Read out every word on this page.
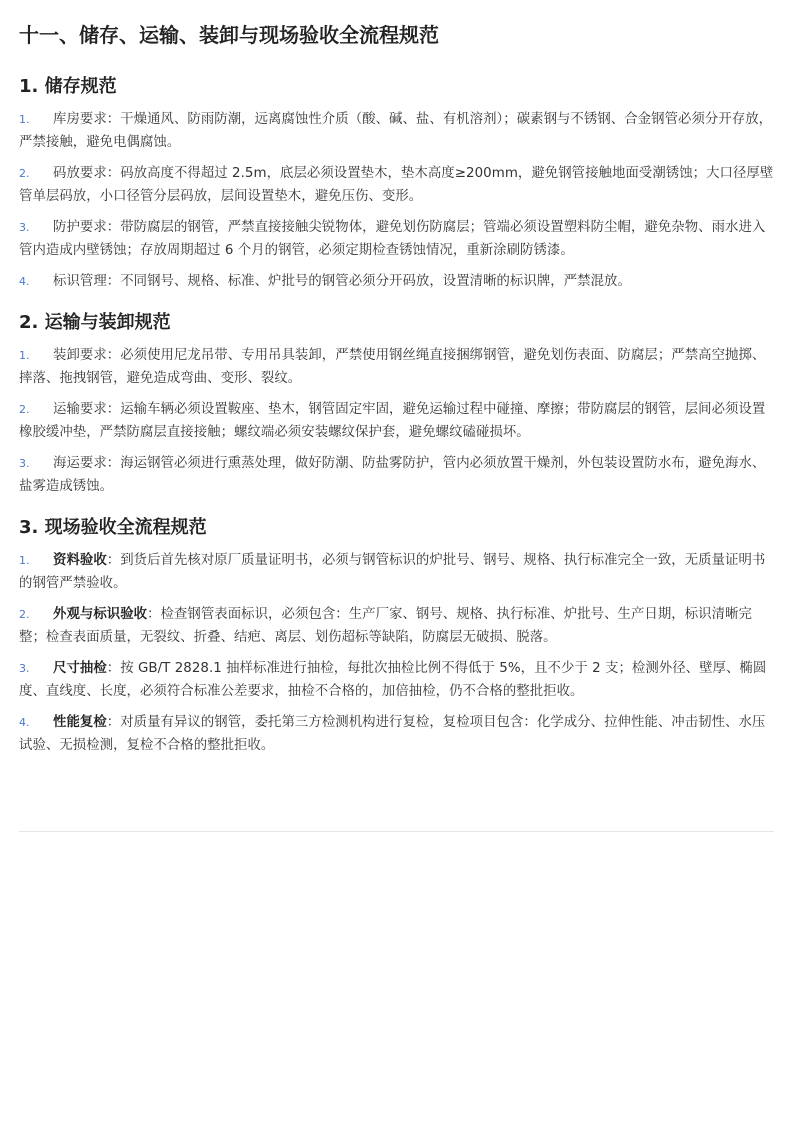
十一、储存、运输、装卸与现场验收全流程规范
1. 储存规范
1. 库房要求：干燥通风、防雨防潮，远离腐蚀性介质（酸、碱、盐、有机溶剂）；碳素钢与不锈钢、合金钢管必须分开存放，严禁接触，避免电偶腐蚀。
2. 码放要求：码放高度不得超过 2.5m，底层必须设置垫木，垫木高度≥200mm，避免钢管接触地面受潮锈蚀；大口径厚壁管单层码放，小口径管分层码放，层间设置垫木，避免压伤、变形。
3. 防护要求：带防腐层的钢管，严禁直接接触尖锐物体，避免划伤防腐层；管端必须设置塑料防尘帽，避免杂物、雨水进入管内造成内壁锈蚀；存放周期超过 6 个月的钢管，必须定期检查锈蚀情况，重新涂刷防锈漆。
4. 标识管理：不同钢号、规格、标准、炉批号的钢管必须分开码放，设置清晰的标识牌，严禁混放。
2. 运输与装卸规范
1. 装卸要求：必须使用尼龙吊带、专用吊具装卸，严禁使用钢丝绳直接捆绑钢管，避免划伤表面、防腐层；严禁高空抛掷、摔落、拖拽钢管，避免造成弯曲、变形、裂纹。
2. 运输要求：运输车辆必须设置鞍座、垫木，钢管固定牢固，避免运输过程中碰撞、摩擦；带防腐层的钢管，层间必须设置橡胶缓冲垫，严禁防腐层直接接触；螺纹端必须安装螺纹保护套，避免螺纹磕碰损坏。
3. 海运要求：海运钢管必须进行熏蒸处理，做好防潮、防盐雾防护，管内必须放置干燥剂，外包装设置防水布，避免海水、盐雾造成锈蚀。
3. 现场验收全流程规范
1. 资料验收：到货后首先核对原厂质量证明书，必须与钢管标识的炉批号、钢号、规格、执行标准完全一致，无质量证明书的钢管严禁验收。
2. 外观与标识验收：检查钢管表面标识，必须包含：生产厂家、钢号、规格、执行标准、炉批号、生产日期，标识清晰完整；检查表面质量，无裂纹、折叠、结疤、离层、划伤超标等缺陷，防腐层无破损、脱落。
3. 尺寸抽检：按 GB/T 2828.1 抽样标准进行抽检，每批次抽检比例不得低于 5%，且不少于 2 支；检测外径、壁厚、椭圆度、直线度、长度，必须符合标准公差要求，抽检不合格的，加倍抽检，仍不合格的整批拒收。
4. 性能复检：对质量有异议的钢管，委托第三方检测机构进行复检，复检项目包含：化学成分、拉伸性能、冲击韧性、水压试验、无损检测，复检不合格的整批拒收。
